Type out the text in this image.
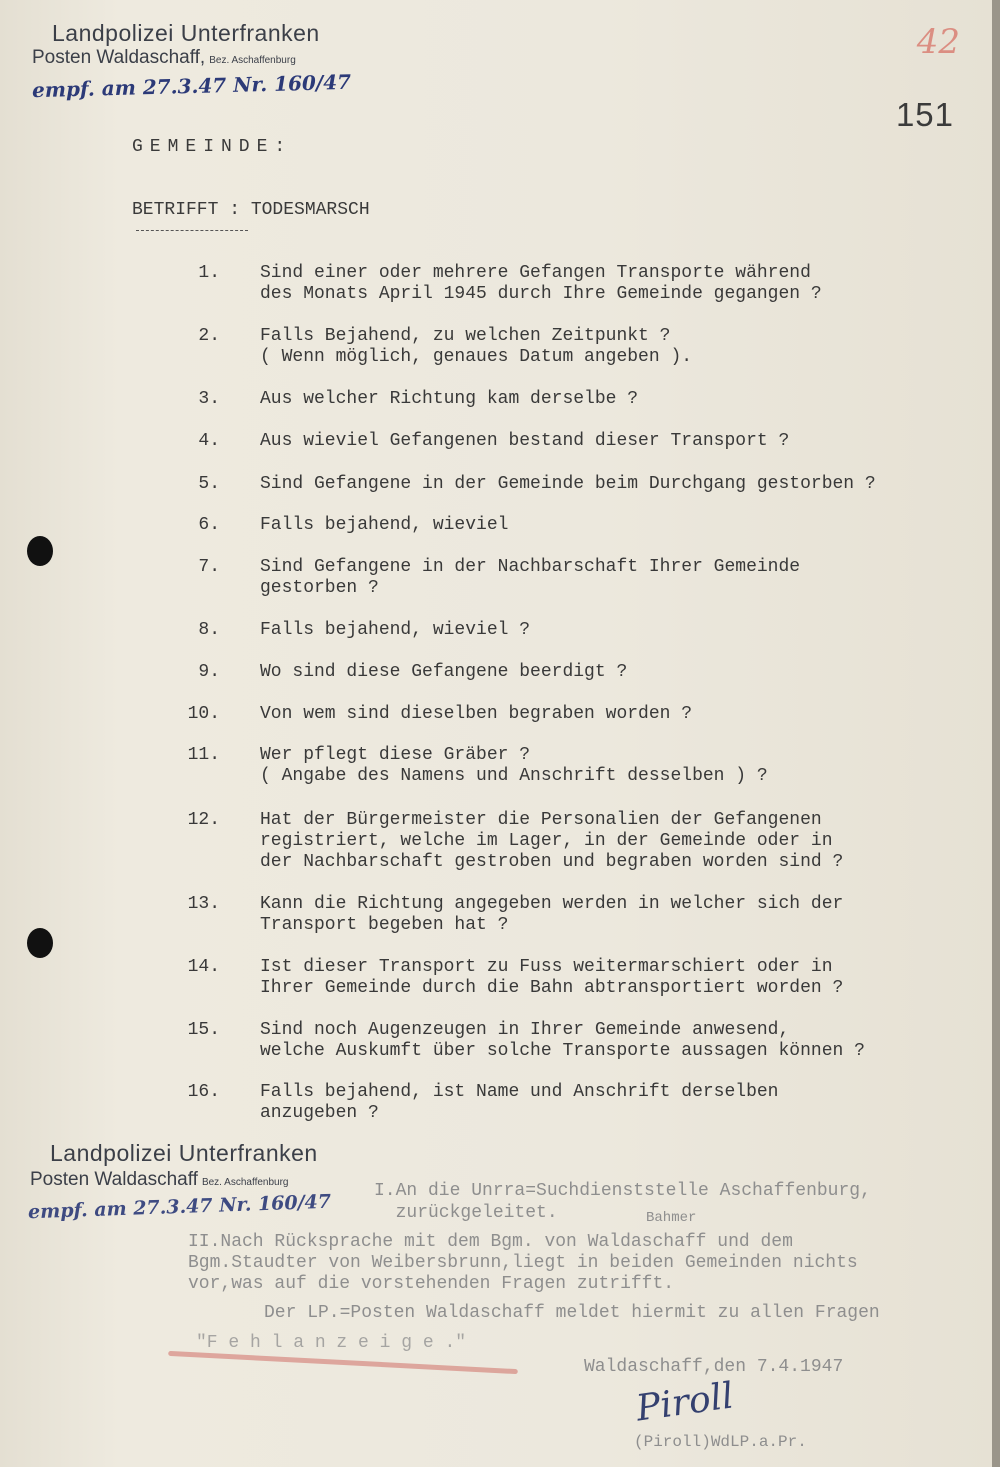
Landpolizei Unterfranken
Posten Waldaschaff, Bez. Aschaffenburg
empf. am 27.3.47 Nr. 160/47
42
151
GEMEINDE:
BETRIFFT : TODESMARSCH
1. Sind einer oder mehrere Gefangen Transporte während
des Monats April 1945 durch Ihre Gemeinde gegangen ?
2. Falls Bejahend, zu welchen Zeitpunkt ?
( Wenn möglich, genaues Datum angeben ).
3. Aus welcher Richtung kam derselbe ?
4. Aus wieviel Gefangenen bestand dieser Transport ?
5. Sind Gefangene in der Gemeinde beim Durchgang gestorben ?
6. Falls bejahend, wieviel
7. Sind Gefangene in der Nachbarschaft Ihrer Gemeinde
gestorben ?
8. Falls bejahend, wieviel ?
9. Wo sind diese Gefangene beerdigt ?
10. Von wem sind dieselben begraben worden ?
11. Wer pflegt diese Gräber ?
( Angabe des Namens und Anschrift desselben ) ?
12. Hat der Bürgermeister die Personalien der Gefangenen
registriert, welche im Lager, in der Gemeinde oder in
der Nachbarschaft gestroben und begraben worden sind ?
13. Kann die Richtung angegeben werden in welcher sich der
Transport begeben hat ?
14. Ist dieser Transport zu Fuss weitermarschiert oder in
Ihrer Gemeinde durch die Bahn abtransportiert worden ?
15. Sind noch Augenzeugen in Ihrer Gemeinde anwesend,
welche Auskumft über solche Transporte aussagen können ?
16. Falls bejahend, ist Name und Anschrift derselben
anzugeben ?
Landpolizei Unterfranken
Posten Waldaschaff Bez. Aschaffenburg
empf. am 27.3.47 Nr. 160/47 I.An die Unrra=Suchdienststelle Aschaffenburg,
zurückgeleitet.	Bahmer
II.Nach Rücksprache mit dem Bgm. von Waldaschaff und dem
Bgm.Staudter von Weibersbrunn,liegt in beiden Gemeinden nichts
vor,was auf die vorstehenden Fragen zutrifft.
Der LP.=Posten Waldaschaff meldet hiermit zu allen Fragen
"F e h l a n z e i g e ."
Waldaschaff,den 7.4.1947
Piroll
(Piroll)WdLP.a.Pr.
